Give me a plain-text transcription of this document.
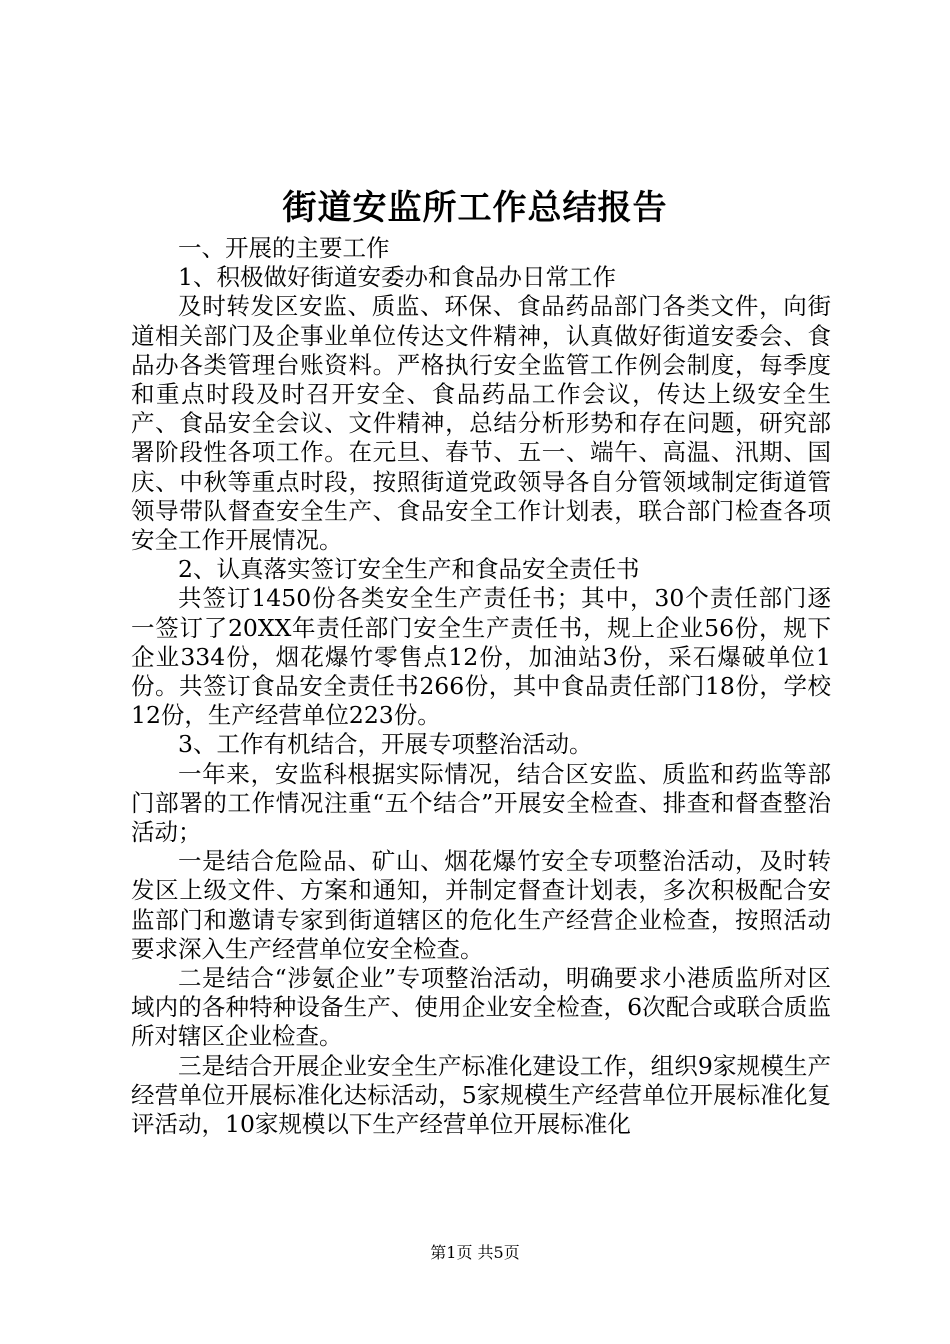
街道安监所工作总结报告

一、开展的主要工作

1、积极做好街道安委办和食品办日常工作

及时转发区安监、质监、环保、食品药品部门各类文件，向街道相关部门及企事业单位传达文件精神，认真做好街道安委会、食品办各类管理台账资料。严格执行安全监管工作例会制度，每季度和重点时段及时召开安全、食品药品工作会议，传达上级安全生产、食品安全会议、文件精神，总结分析形势和存在问题，研究部署阶段性各项工作。在元旦、春节、五一、端午、高温、汛期、国庆、中秋等重点时段，按照街道党政领导各自分管领域制定街道管领导带队督查安全生产、食品安全工作计划表，联合部门检查各项安全工作开展情况。

2、认真落实签订安全生产和食品安全责任书

共签订1450份各类安全生产责任书；其中，30个责任部门逐一签订了20XX年责任部门安全生产责任书，规上企业56份，规下企业334份，烟花爆竹零售点12份，加油站3份，采石爆破单位1份。共签订食品安全责任书266份，其中食品责任部门18份，学校12份，生产经营单位223份。

3、工作有机结合，开展专项整治活动。

一年来，安监科根据实际情况，结合区安监、质监和药监等部门部署的工作情况注重“五个结合”开展安全检查、排查和督查整治活动；

一是结合危险品、矿山、烟花爆竹安全专项整治活动，及时转发区上级文件、方案和通知，并制定督查计划表，多次积极配合安监部门和邀请专家到街道辖区的危化生产经营企业检查，按照活动要求深入生产经营单位安全检查。

二是结合“涉氨企业”专项整治活动，明确要求小港质监所对区域内的各种特种设备生产、使用企业安全检查，6次配合或联合质监所对辖区企业检查。

三是结合开展企业安全生产标准化建设工作，组织9家规模生产经营单位开展标准化达标活动，5家规模生产经营单位开展标准化复评活动，10家规模以下生产经营单位开展标准化

第1页 共5页
